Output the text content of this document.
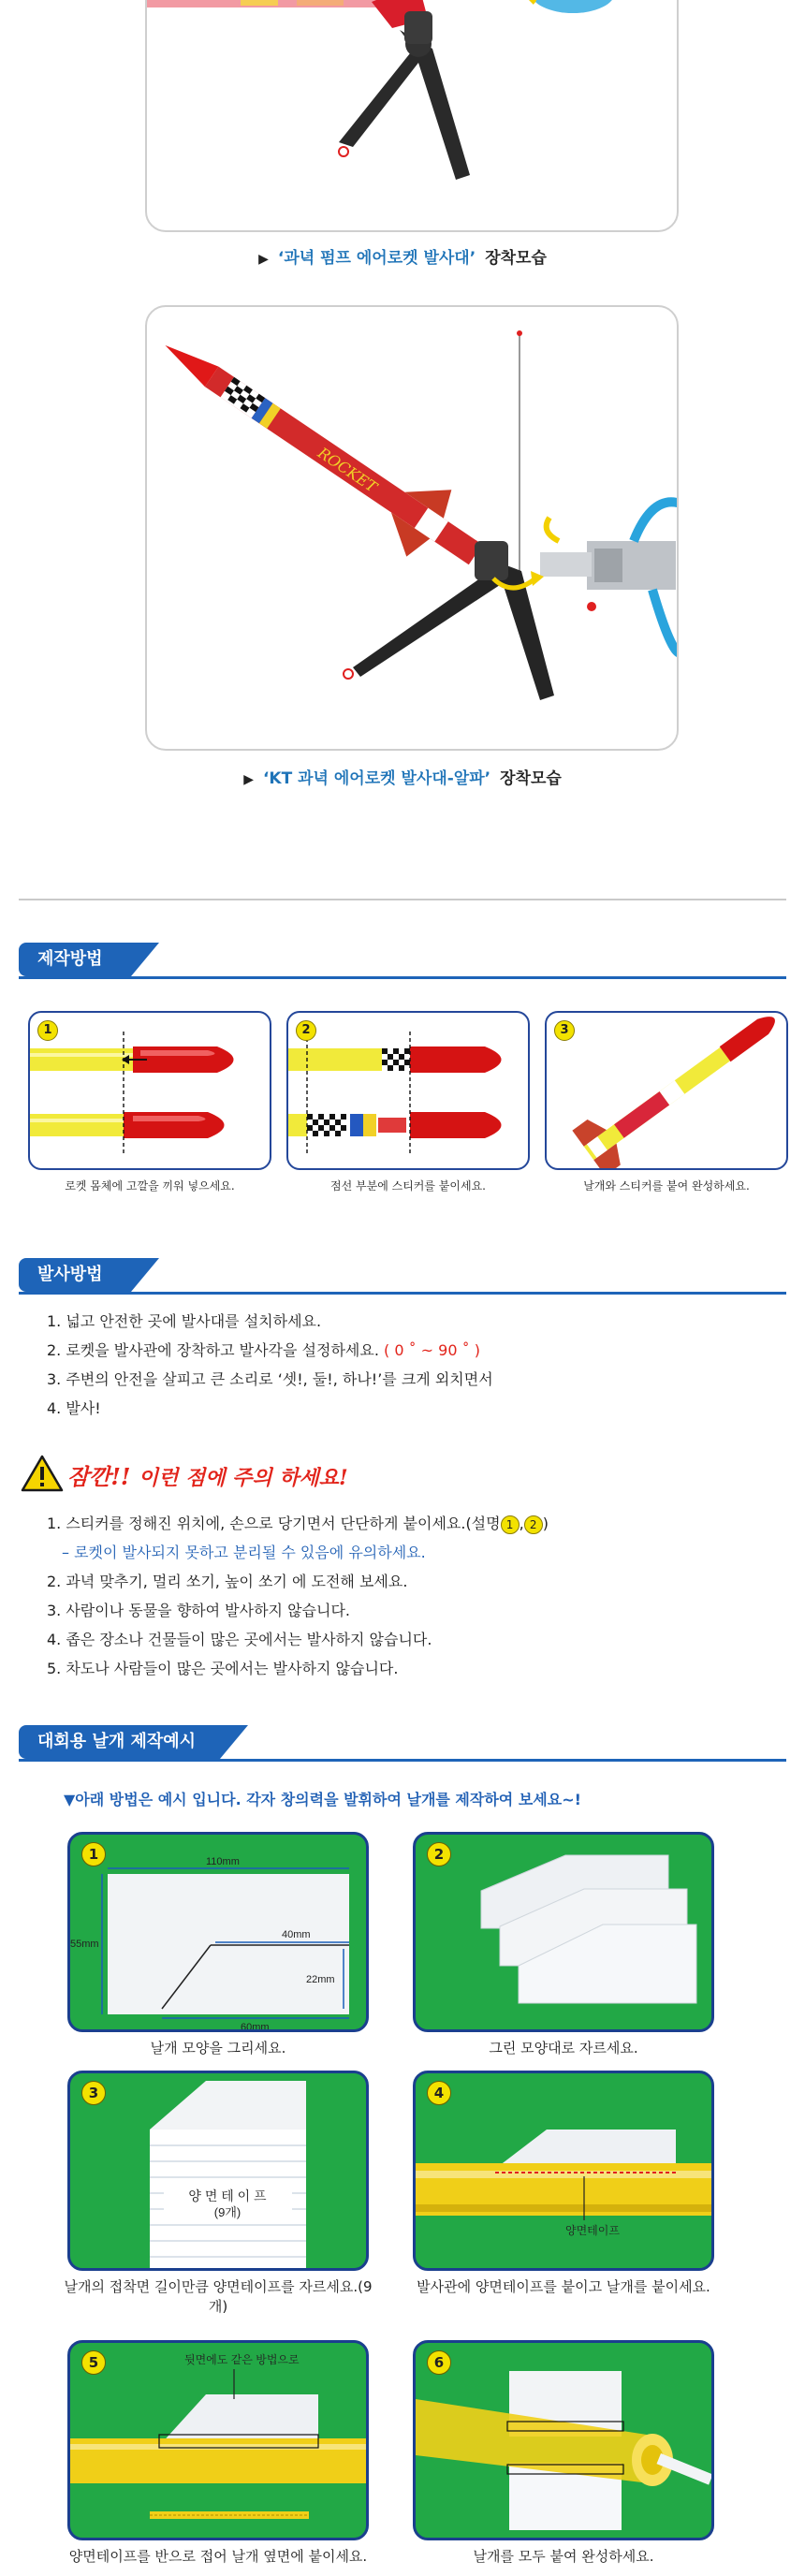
▶ ‘과녁 펌프 에어로켓 발사대’ 장착모습
ROCKET
▶ ‘KT 과녁 에어로켓 발사대-알파’ 장착모습
제작방법
1
로켓 몸체에 고깔을 끼워 넣으세요.
2
점선 부분에 스티커를 붙이세요.
3
날개와 스티커를 붙여 완성하세요.
발사방법
1. 넓고 안전한 곳에 발사대를 설치하세요.
2. 로켓을 발사관에 장착하고 발사각을 설정하세요. ( 0 ˚ ~ 90 ˚ )
3. 주변의 안전을 살피고 큰 소리로 ‘셋!, 둘!, 하나!’를 크게 외치면서
4. 발사!
잠깐!! 이런 점에 주의 하세요!
1. 스티커를 정해진 위치에, 손으로 당기면서 단단하게 붙이세요.(설명 1 , 2 )
– 로켓이 발사되지 못하고 분리될 수 있음에 유의하세요.
2. 과녁 맞추기, 멀리 쏘기, 높이 쏘기 에 도전해 보세요.
3. 사람이나 동물을 향하여 발사하지 않습니다.
4. 좁은 장소나 건물들이 많은 곳에서는 발사하지 않습니다.
5. 차도나 사람들이 많은 곳에서는 발사하지 않습니다.
대회용 날개 제작예시
▼아래 방법은 예시 입니다. 각자 창의력을 발휘하여 날개를 제작하여 보세요~!
1	110mm
55mm
40mm
22mm
60mm
날개 모양을 그리세요.
2
그린 모양대로 자르세요.
3
양 면 테 이 프
(9개)
날개의 접착면 길이만큼 양면테이프를 자르세요.(9개)
4
양면테이프
발사관에 양면테이프를 붙이고 날개를 붙이세요.
5	뒷면에도 같은 방법으로
양면테이프를 반으로 접어 날개 옆면에 붙이세요.
6
날개를 모두 붙여 완성하세요.
